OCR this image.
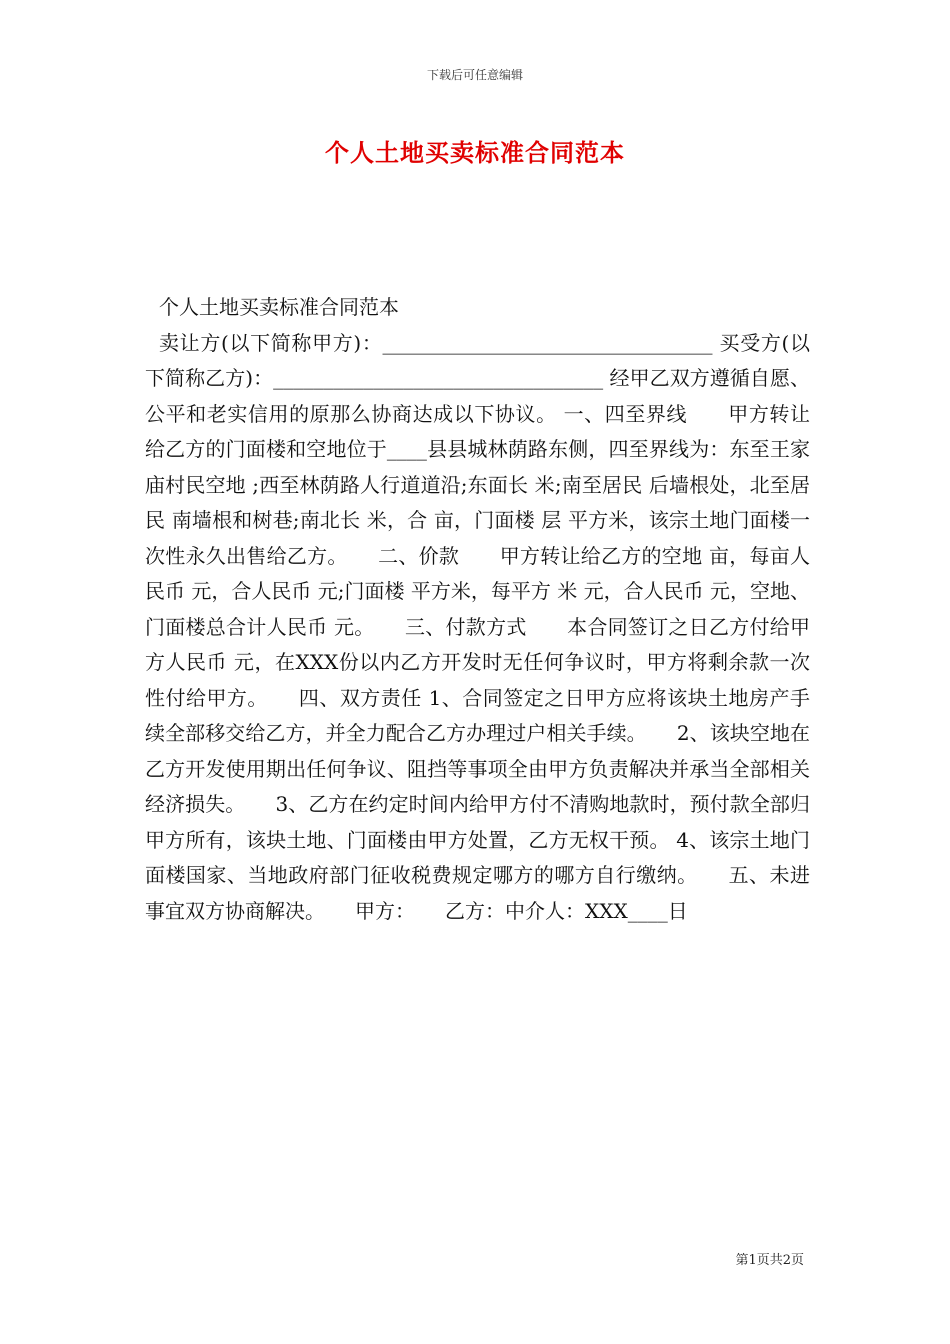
下载后可任意编辑
个人土地买卖标准合同范本

个人土地买卖标准合同范本

卖让方(以下简称甲方)：_________________________________ 买受方(以下简称乙方)：_________________________________ 经甲乙双方遵循自愿、公平和老实信用的原那么协商达成以下协议。 一、四至界线　　甲方转让给乙方的门面楼和空地位于____县县城林荫路东侧，四至界线为：东至王家庙村民空地 ;西至林荫路人行道道沿;东面长 米;南至居民 后墙根处，北至居民 南墙根和树巷;南北长 米，合 亩，门面楼 层 平方米，该宗土地门面楼一次性永久出售给乙方。　　二、价款　　甲方转让给乙方的空地 亩，每亩人民币 元，合人民币 元;门面楼 平方米，每平方 米 元，合人民币 元，空地、门面楼总合计人民币 元。　　三、付款方式　　本合同签订之日乙方付给甲方人民币 元，在XXX份以内乙方开发时无任何争议时，甲方将剩余款一次性付给甲方。　　四、双方责任 1、合同签定之日甲方应将该块土地房产手续全部移交给乙方，并全力配合乙方办理过户相关手续。　　2、该块空地在乙方开发使用期出任何争议、阻挡等事项全由甲方负责解决并承当全部相关经济损失。　　3、乙方在约定时间内给甲方付不清购地款时，预付款全部归甲方所有，该块土地、门面楼由甲方处置，乙方无权干预。 4、该宗土地门面楼国家、当地政府部门征收税费规定哪方的哪方自行缴纳。　　五、未进事宜双方协商解决。　　甲方：　　乙方：中介人：XXX____日

第1页共2页
